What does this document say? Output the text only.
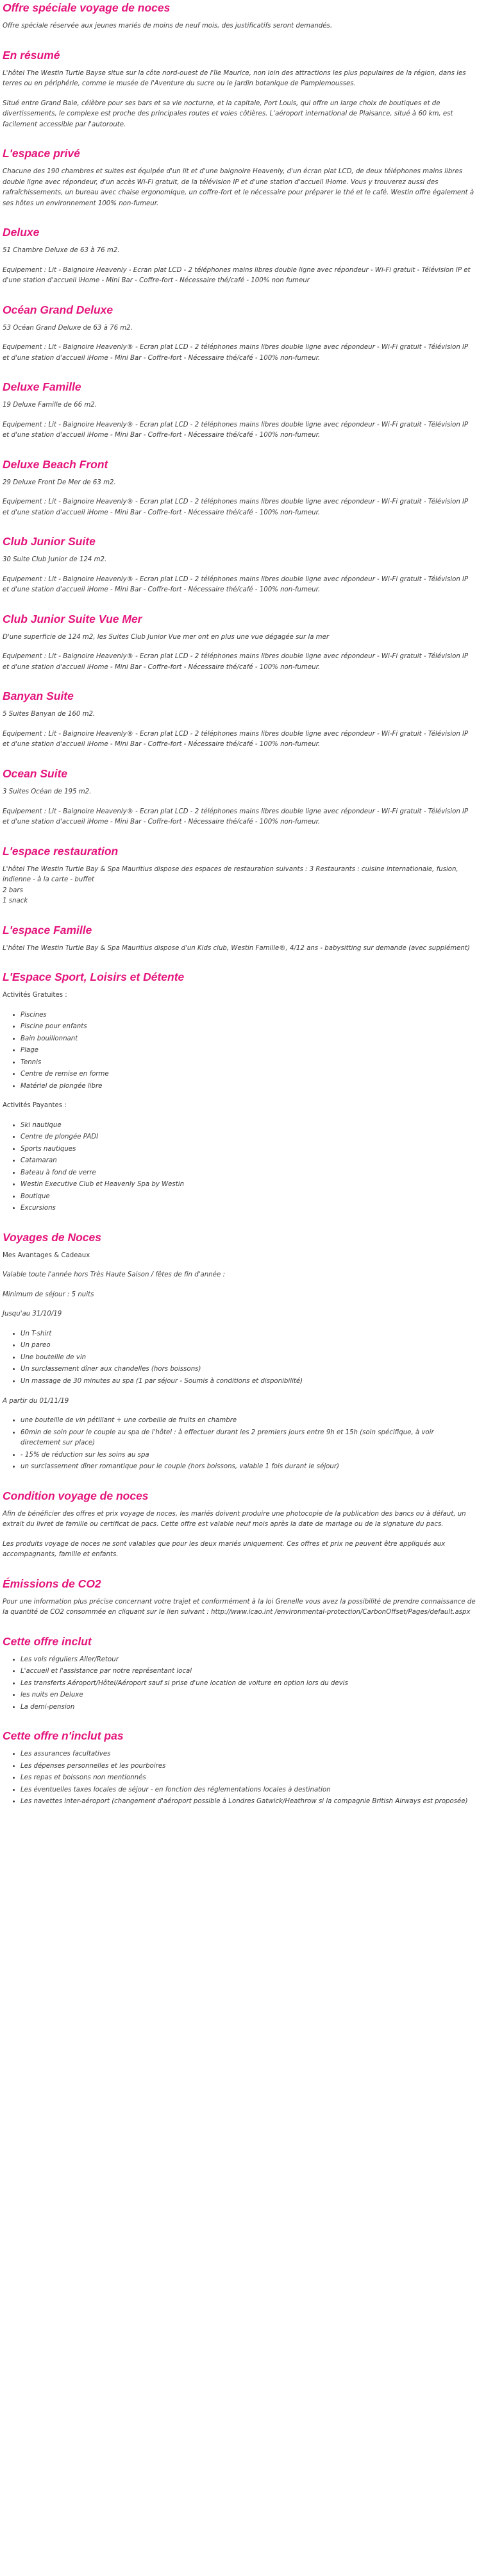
Offre spéciale voyage de noces

Offre spéciale réservée aux jeunes mariés de moins de neuf mois, des justificatifs seront demandés.

En résumé

L'hôtel The Westin Turtle Bayse situe sur la côte nord-ouest de l'île Maurice, non loin des attractions les plus populaires de la région, dans les terres ou en périphérie, comme le musée de l'Aventure du sucre ou le jardin botanique de Pamplemousses.

Situé entre Grand Baie, célèbre pour ses bars et sa vie nocturne, et la capitale, Port Louis, qui offre un large choix de boutiques et de divertissements, le complexe est proche des principales routes et voies côtières. L'aéroport international de Plaisance, situé à 60 km, est facilement accessible par l'autoroute.

L'espace privé

Chacune des 190 chambres et suites est équipée d'un lit et d'une baignoire Heavenly, d'un écran plat LCD, de deux téléphones mains libres double ligne avec répondeur, d'un accès Wi-Fi gratuit, de la télévision IP et d'une station d'accueil iHome. Vous y trouverez aussi des rafraîchissements, un bureau avec chaise ergonomique, un coffre-fort et le nécessaire pour préparer le thé et le café. Westin offre également à ses hôtes un environnement 100% non-fumeur.

Deluxe

51 Chambre Deluxe de 63 à 76 m2.

Equipement : Lit - Baignoire Heavenly - Ecran plat LCD - 2 téléphones mains libres double ligne avec répondeur - Wi-Fi gratuit - Télévision IP et d'une station d'accueil iHome - Mini Bar - Coffre-fort - Nécessaire thé/café - 100% non fumeur

Océan Grand Deluxe

53 Océan Grand Deluxe de 63 à 76 m2.

Equipement : Lit - Baignoire Heavenly® - Ecran plat LCD - 2 téléphones mains libres double ligne avec répondeur - Wi-Fi gratuit - Télévision IP et d'une station d'accueil iHome - Mini Bar - Coffre-fort - Nécessaire thé/café - 100% non-fumeur.

Deluxe Famille

19 Deluxe Famille de 66 m2.

Equipement : Lit - Baignoire Heavenly® - Ecran plat LCD - 2 téléphones mains libres double ligne avec répondeur - Wi-Fi gratuit - Télévision IP et d'une station d'accueil iHome - Mini Bar - Coffre-fort - Nécessaire thé/café - 100% non-fumeur.

Deluxe Beach Front

29 Deluxe Front De Mer de 63 m2.

Equipement : Lit - Baignoire Heavenly® - Ecran plat LCD - 2 téléphones mains libres double ligne avec répondeur - Wi-Fi gratuit - Télévision IP et d'une station d'accueil iHome - Mini Bar - Coffre-fort - Nécessaire thé/café - 100% non-fumeur.

Club Junior Suite

30 Suite Club Junior de 124 m2.

Equipement : Lit - Baignoire Heavenly® - Ecran plat LCD - 2 téléphones mains libres double ligne avec répondeur - Wi-Fi gratuit - Télévision IP et d'une station d'accueil iHome - Mini Bar - Coffre-fort - Nécessaire thé/café - 100% non-fumeur.

Club Junior Suite Vue Mer

D'une superficie de 124 m2, les Suites Club Junior Vue mer ont en plus une vue dégagée sur la mer

Equipement : Lit - Baignoire Heavenly® - Ecran plat LCD - 2 téléphones mains libres double ligne avec répondeur - Wi-Fi gratuit - Télévision IP et d'une station d'accueil iHome - Mini Bar - Coffre-fort - Nécessaire thé/café - 100% non-fumeur.

Banyan Suite

5 Suites Banyan de 160 m2.

Equipement : Lit - Baignoire Heavenly® - Ecran plat LCD - 2 téléphones mains libres double ligne avec répondeur - Wi-Fi gratuit - Télévision IP et d'une station d'accueil iHome - Mini Bar - Coffre-fort - Nécessaire thé/café - 100% non-fumeur.

Ocean Suite

3 Suites Océan de 195 m2.

Equipement : Lit - Baignoire Heavenly® - Ecran plat LCD - 2 téléphones mains libres double ligne avec répondeur - Wi-Fi gratuit - Télévision IP et d'une station d'accueil iHome - Mini Bar - Coffre-fort - Nécessaire thé/café - 100% non-fumeur.

L'espace restauration

L'hôtel The Westin Turtle Bay & Spa Mauritius dispose des espaces de restauration suivants : 3 Restaurants : cuisine internationale, fusion, indienne - à la carte - buffet
2 bars
1 snack

L'espace Famille

L'hôtel The Westin Turtle Bay & Spa Mauritius dispose d'un Kids club, Westin Famille®, 4/12 ans - babysitting sur demande (avec supplément)

L'Espace Sport, Loisirs et Détente

Activités Gratuites :

• Piscines
• Piscine pour enfants
• Bain bouillonnant
• Plage
• Tennis
• Centre de remise en forme
• Matériel de plongée libre

Activités Payantes :

• Ski nautique
• Centre de plongée PADI
• Sports nautiques
• Catamaran
• Bateau à fond de verre
• Westin Executive Club et Heavenly Spa by Westin
• Boutique
• Excursions
Voyages de Noces

Mes Avantages & Cadeaux

Valable toute l'année hors Très Haute Saison / fêtes de fin d'année :

Minimum de séjour : 5 nuits

Jusqu'au 31/10/19

• Un T-shirt
• Un pareo
• Une bouteille de vin
• Un surclassement dîner aux chandelles (hors boissons)
• Un massage de 30 minutes au spa (1 par séjour - Soumis à conditions et disponibilité)

A partir du 01/11/19

• une bouteille de vin pétillant + une corbeille de fruits en chambre
• 60min de soin pour le couple au spa de l'hôtel : à effectuer durant les 2 premiers jours entre 9h et 15h (soin spécifique, à voir directement sur place)
• - 15% de réduction sur les soins au spa
• un surclassement dîner romantique pour le couple (hors boissons, valable 1 fois durant le séjour)
Condition voyage de noces

Afin de bénéficier des offres et prix voyage de noces, les mariés doivent produire une photocopie de la publication des bancs ou à défaut, un extrait du livret de famille ou certificat de pacs. Cette offre est valable neuf mois après la date de mariage ou de la signature du pacs.

Les produits voyage de noces ne sont valables que pour les deux mariés uniquement. Ces offres et prix ne peuvent être appliqués aux accompagnants, famille et enfants.

Émissions de CO2

Pour une information plus précise concernant votre trajet et conformément à la loi Grenelle vous avez la possibilité de prendre connaissance de la quantité de CO2 consommée en cliquant sur le lien suivant : http://www.icao.int /environmental-protection/CarbonOffset/Pages/default.aspx

Cette offre inclut
• Les vols réguliers Aller/Retour
• L'accueil et l'assistance par notre représentant local
• Les transferts Aéroport/Hôtel/Aéroport sauf si prise d'une location de voiture en option lors du devis
• les nuits en Deluxe
• La demi-pension
Cette offre n'inclut pas
• Les assurances facultatives
• Les dépenses personnelles et les pourboires
• Les repas et boissons non mentionnés
• Les éventuelles taxes locales de séjour - en fonction des réglementations locales à destination
• Les navettes inter-aéroport (changement d'aéroport possible à Londres Gatwick/Heathrow si la compagnie British Airways est proposée)
